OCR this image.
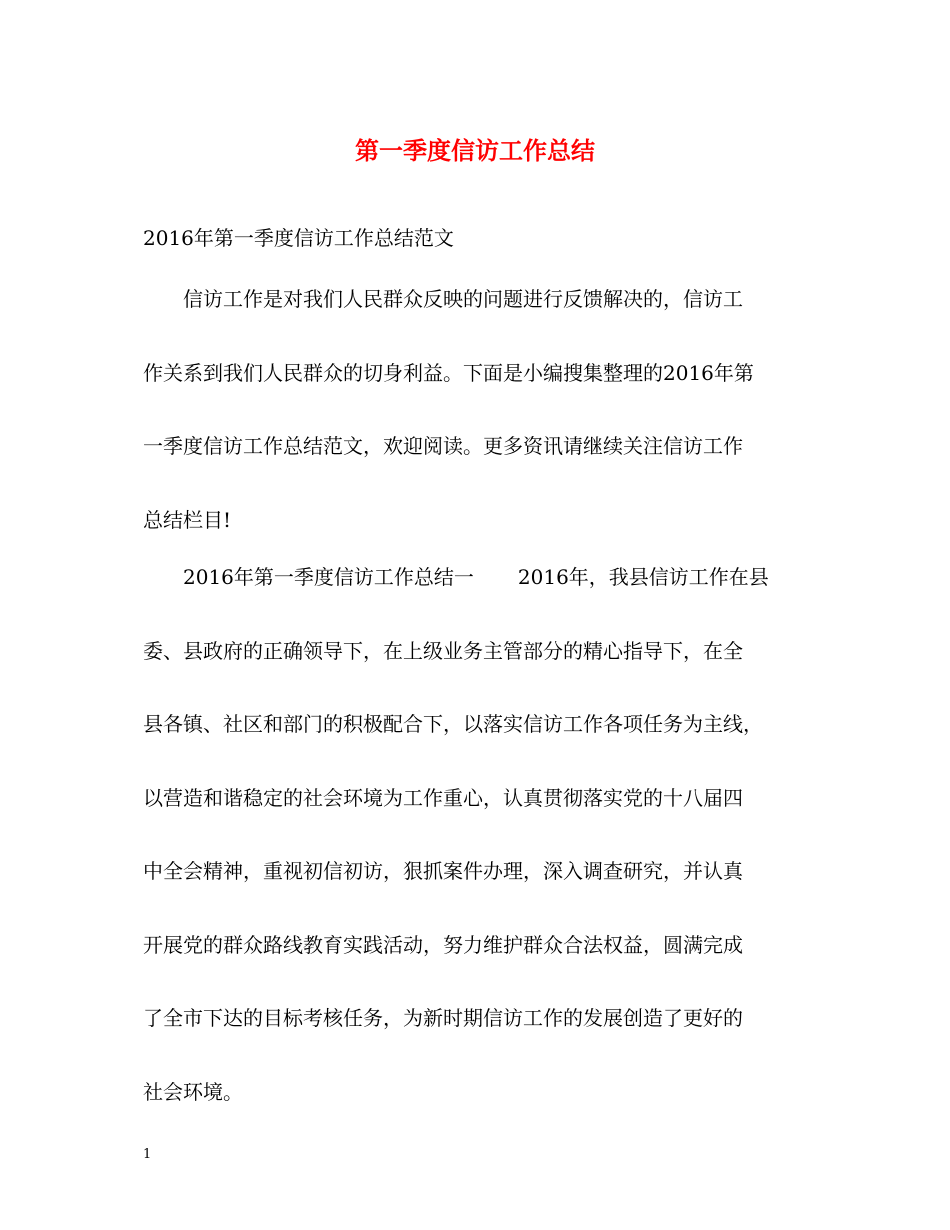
第一季度信访工作总结
2016年第一季度信访工作总结范文
信访工作是对我们人民群众反映的问题进行反馈解决的，信访工
作关系到我们人民群众的切身利益。下面是小编搜集整理的2016年第
一季度信访工作总结范文，欢迎阅读。更多资讯请继续关注信访工作
总结栏目!
2016年第一季度信访工作总结一 2016年，我县信访工作在县
委、县政府的正确领导下，在上级业务主管部分的精心指导下，在全
县各镇、社区和部门的积极配合下，以落实信访工作各项任务为主线，
以营造和谐稳定的社会环境为工作重心，认真贯彻落实党的十八届四
中全会精神，重视初信初访，狠抓案件办理，深入调查研究，并认真
开展党的群众路线教育实践活动，努力维护群众合法权益，圆满完成
了全市下达的目标考核任务，为新时期信访工作的发展创造了更好的
社会环境。
1
